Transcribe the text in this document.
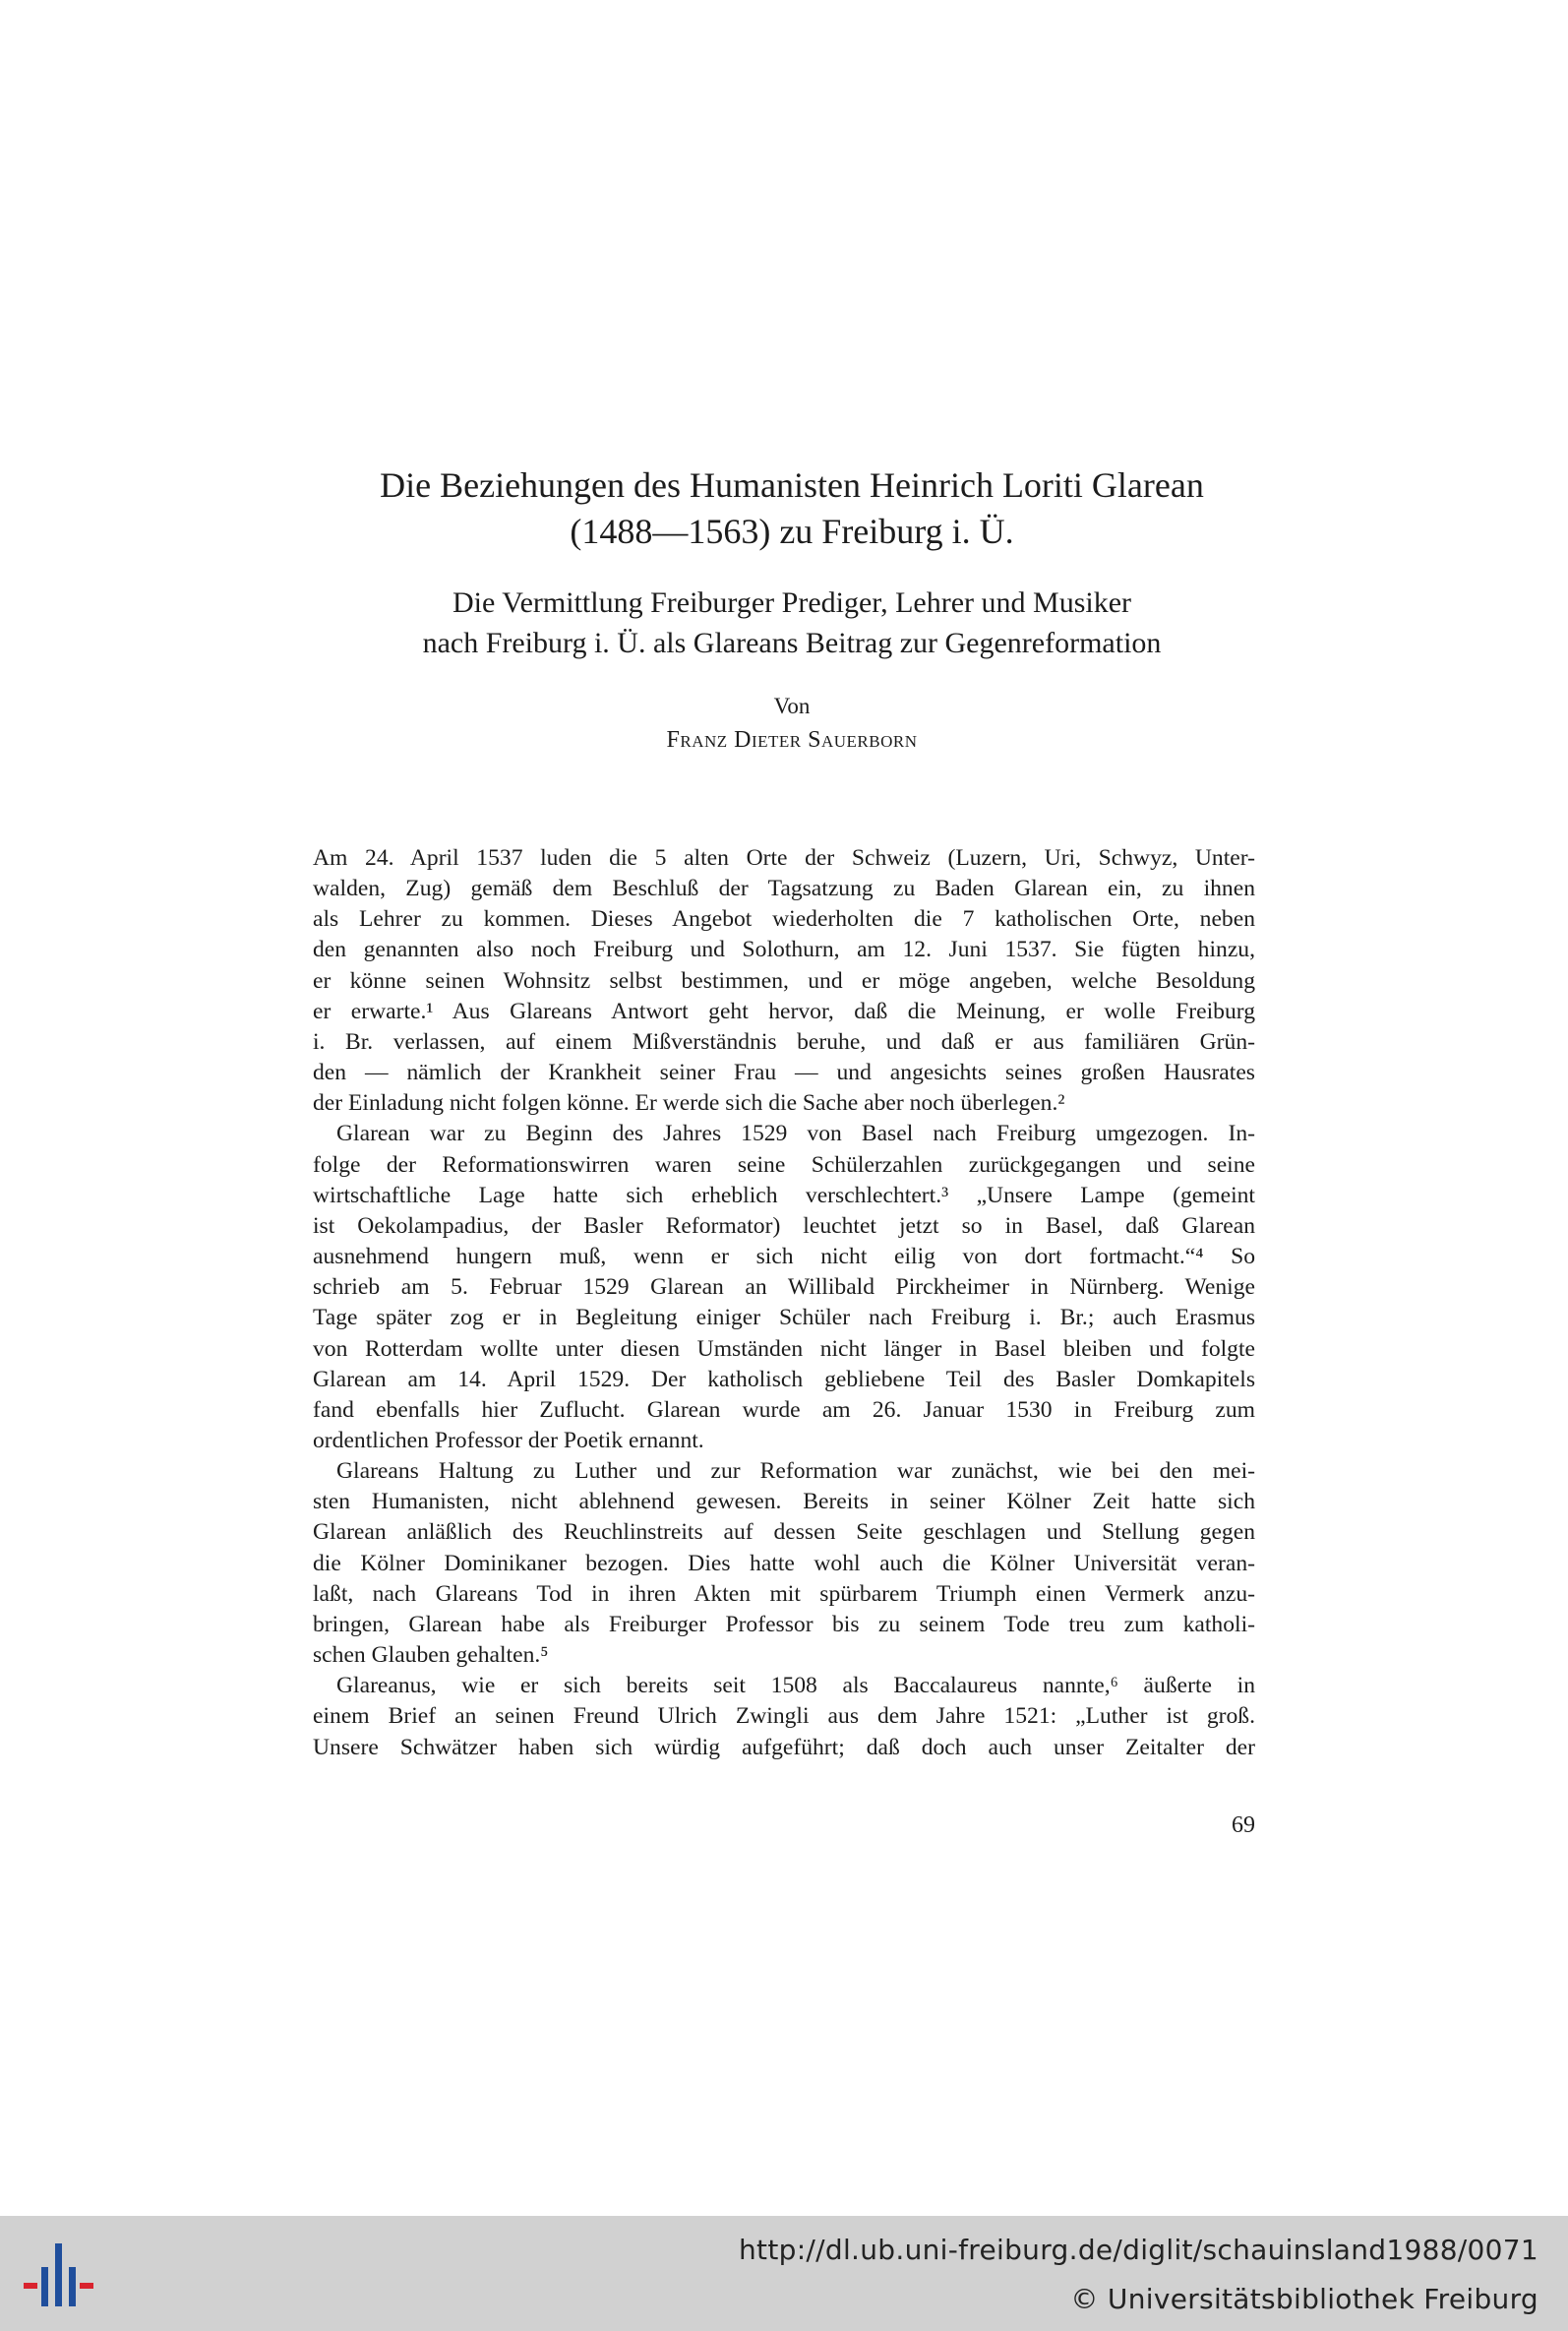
Die Beziehungen des Humanisten Heinrich Loriti Glarean
(1488—1563) zu Freiburg i. Ü.
Die Vermittlung Freiburger Prediger, Lehrer und Musiker
nach Freiburg i. Ü. als Glareans Beitrag zur Gegenreformation
Von
Franz Dieter Sauerborn
Am 24. April 1537 luden die 5 alten Orte der Schweiz (Luzern, Uri, Schwyz, Unter-
walden, Zug) gemäß dem Beschluß der Tagsatzung zu Baden Glarean ein, zu ihnen
als Lehrer zu kommen. Dieses Angebot wiederholten die 7 katholischen Orte, neben
den genannten also noch Freiburg und Solothurn, am 12. Juni 1537. Sie fügten hinzu,
er könne seinen Wohnsitz selbst bestimmen, und er möge angeben, welche Besoldung
er erwarte.¹ Aus Glareans Antwort geht hervor, daß die Meinung, er wolle Freiburg
i. Br. verlassen, auf einem Mißverständnis beruhe, und daß er aus familiären Grün-
den — nämlich der Krankheit seiner Frau — und angesichts seines großen Hausrates
der Einladung nicht folgen könne. Er werde sich die Sache aber noch überlegen.²
Glarean war zu Beginn des Jahres 1529 von Basel nach Freiburg umgezogen. In-
folge der Reformationswirren waren seine Schülerzahlen zurückgegangen und seine
wirtschaftliche Lage hatte sich erheblich verschlechtert.³ „Unsere Lampe (gemeint
ist Oekolampadius, der Basler Reformator) leuchtet jetzt so in Basel, daß Glarean
ausnehmend hungern muß, wenn er sich nicht eilig von dort fortmacht.“⁴ So
schrieb am 5. Februar 1529 Glarean an Willibald Pirckheimer in Nürnberg. Wenige
Tage später zog er in Begleitung einiger Schüler nach Freiburg i. Br.; auch Erasmus
von Rotterdam wollte unter diesen Umständen nicht länger in Basel bleiben und folgte
Glarean am 14. April 1529. Der katholisch gebliebene Teil des Basler Domkapitels
fand ebenfalls hier Zuflucht. Glarean wurde am 26. Januar 1530 in Freiburg zum
ordentlichen Professor der Poetik ernannt.
Glareans Haltung zu Luther und zur Reformation war zunächst, wie bei den mei-
sten Humanisten, nicht ablehnend gewesen. Bereits in seiner Kölner Zeit hatte sich
Glarean anläßlich des Reuchlinstreits auf dessen Seite geschlagen und Stellung gegen
die Kölner Dominikaner bezogen. Dies hatte wohl auch die Kölner Universität veran-
laßt, nach Glareans Tod in ihren Akten mit spürbarem Triumph einen Vermerk anzu-
bringen, Glarean habe als Freiburger Professor bis zu seinem Tode treu zum katholi-
schen Glauben gehalten.⁵
Glareanus, wie er sich bereits seit 1508 als Baccalaureus nannte,⁶ äußerte in
einem Brief an seinen Freund Ulrich Zwingli aus dem Jahre 1521: „Luther ist groß.
Unsere Schwätzer haben sich würdig aufgeführt; daß doch auch unser Zeitalter der
69
http://dl.ub.uni-freiburg.de/diglit/schauinsland1988/0071
© Universitätsbibliothek Freiburg
